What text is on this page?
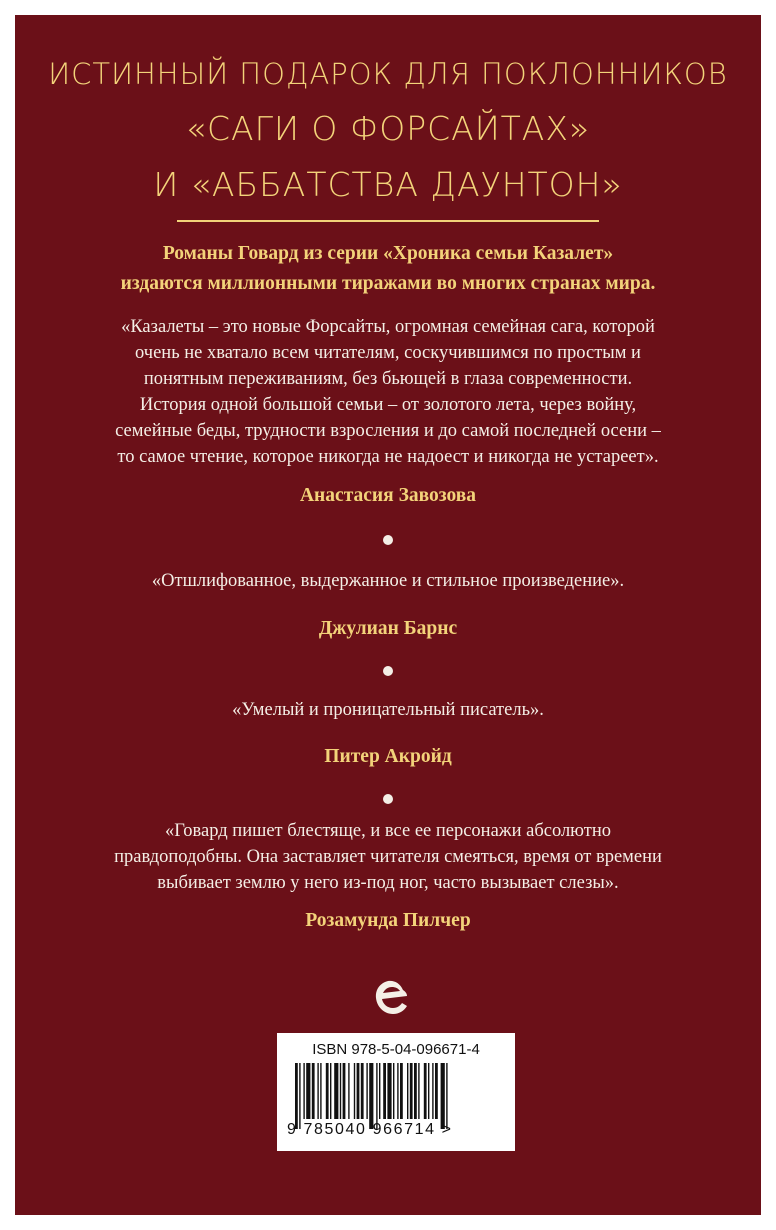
ИСТИННЫЙ ПОДАРОК ДЛЯ ПОКЛОННИКОВ

«САГИ О ФОРСАЙТАХ»

И «АББАТСТВА ДАУНТОН»

Романы Говард из серии «Хроника семьи Казалет»

издаются миллионными тиражами во многих странах мира.

«Казалеты – это новые Форсайты, огромная семейная сага, которой

очень не хватало всем читателям, соскучившимся по простым и

понятным переживаниям, без бьющей в глаза современности.

История одной большой семьи – от золотого лета, через войну,

семейные беды, трудности взросления и до самой последней осени –

то самое чтение, которое никогда не надоест и никогда не устареет».

Анастасия Завозова

«Отшлифованное, выдержанное и стильное произведение».

Джулиан Барнс

«Умелый и проницательный писатель».

Питер Акройд

«Говард пишет блестяще, и все ее персонажи абсолютно

правдоподобны. Она заставляет читателя смеяться, время от времени

выбивает землю у него из-под ног, часто вызывает слезы».

Розамунда Пилчер

ISBN 978-5-04-096671-4

9 785040 966714 >
